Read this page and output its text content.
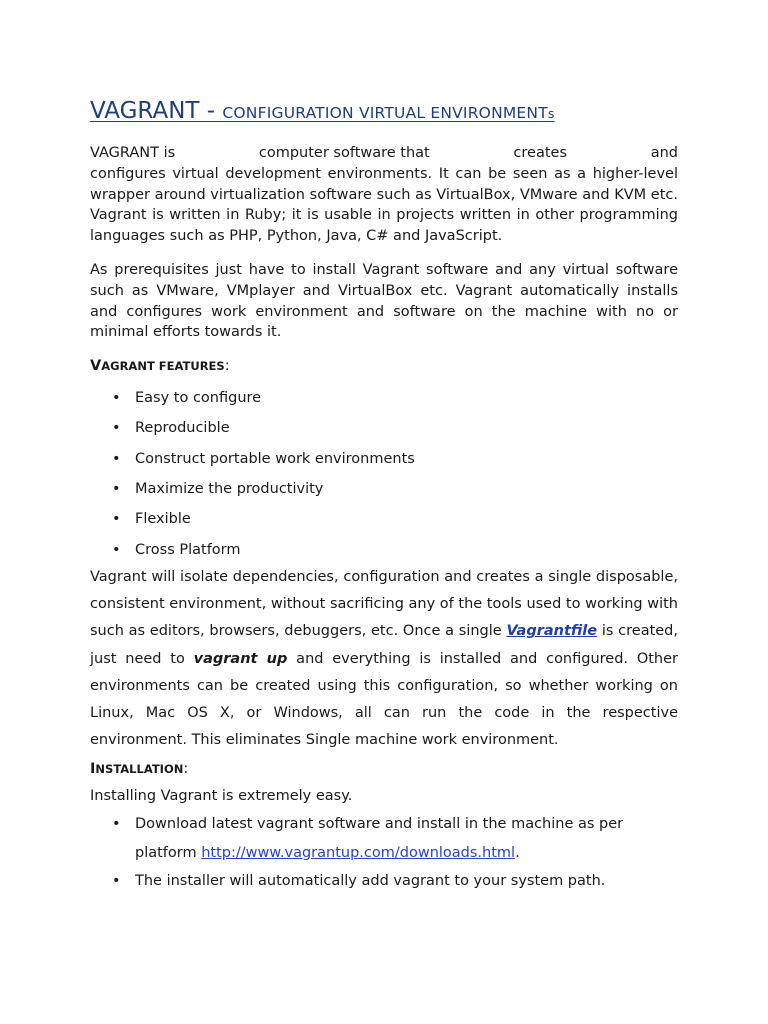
VAGRANT - CONFIGURATION VIRTUAL ENVIRONMENTs

VAGRANT is	computer software that	creates	and
configures virtual development environments. It can be seen as a higher-level wrapper around virtualization software such as VirtualBox, VMware and KVM etc. Vagrant is written in Ruby; it is usable in projects written in other programming languages such as PHP, Python, Java, C# and JavaScript.

As prerequisites just have to install Vagrant software and any virtual software such as VMware, VMplayer and VirtualBox etc. Vagrant automatically installs and configures work environment and software on the machine with no or minimal efforts towards it.

VAGRANT FEATURES:
• Easy to configure
• Reproducible
• Construct portable work environments
• Maximize the productivity
• Flexible
• Cross Platform

Vagrant will isolate dependencies, configuration and creates a single disposable, consistent environment, without sacrificing any of the tools used to working with such as editors, browsers, debuggers, etc. Once a single Vagrantfile is created, just need to vagrant up and everything is installed and configured. Other environments can be created using this configuration, so whether working on Linux, Mac OS X, or Windows, all can run the code in the respective environment. This eliminates Single machine work environment.

INSTALLATION:

Installing Vagrant is extremely easy.

• Download latest vagrant software and install in the machine as per platform http://www.vagrantup.com/downloads.html.
• The installer will automatically add vagrant to your system path.
